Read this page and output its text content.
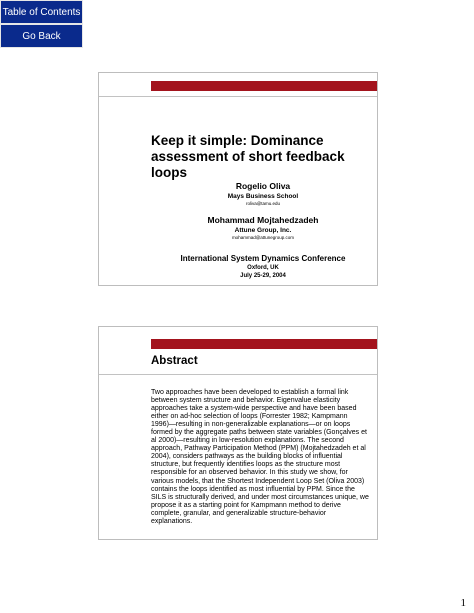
Table of Contents
Go Back
Keep it simple: Dominance
assessment of short feedback loops
Rogelio Oliva
Mays Business School
roliva@tamu.edu
Mohammad Mojtahedzadeh
Attune Group, Inc.
mohammad@attunegroup.com
International System Dynamics Conference
Oxford, UK
July 25-29, 2004
Abstract
Two approaches have been developed to establish a formal link
between system structure and behavior. Eigenvalue elasticity
approaches take a system-wide perspective and have been based
either on ad-hoc selection of loops (Forrester 1982; Kampmann
1996)—resulting in non-generalizable explanations—or on loops
formed by the aggregate paths between state variables (Gonçalves et
al 2000)—resulting in low-resolution explanations. The second
approach, Pathway Participation Method (PPM) (Mojtahedzadeh et al
2004), considers pathways as the building blocks of influential
structure, but frequently identifies loops as the structure most
responsible for an observed behavior. In this study we show, for
various models, that the Shortest Independent Loop Set (Oliva 2003)
contains the loops identified as most influential by PPM. Since the
SILS is structurally derived, and under most circumstances unique, we
propose it as a starting point for Kampmann method to derive
complete, granular, and generalizable structure-behavior
explanations.
1
